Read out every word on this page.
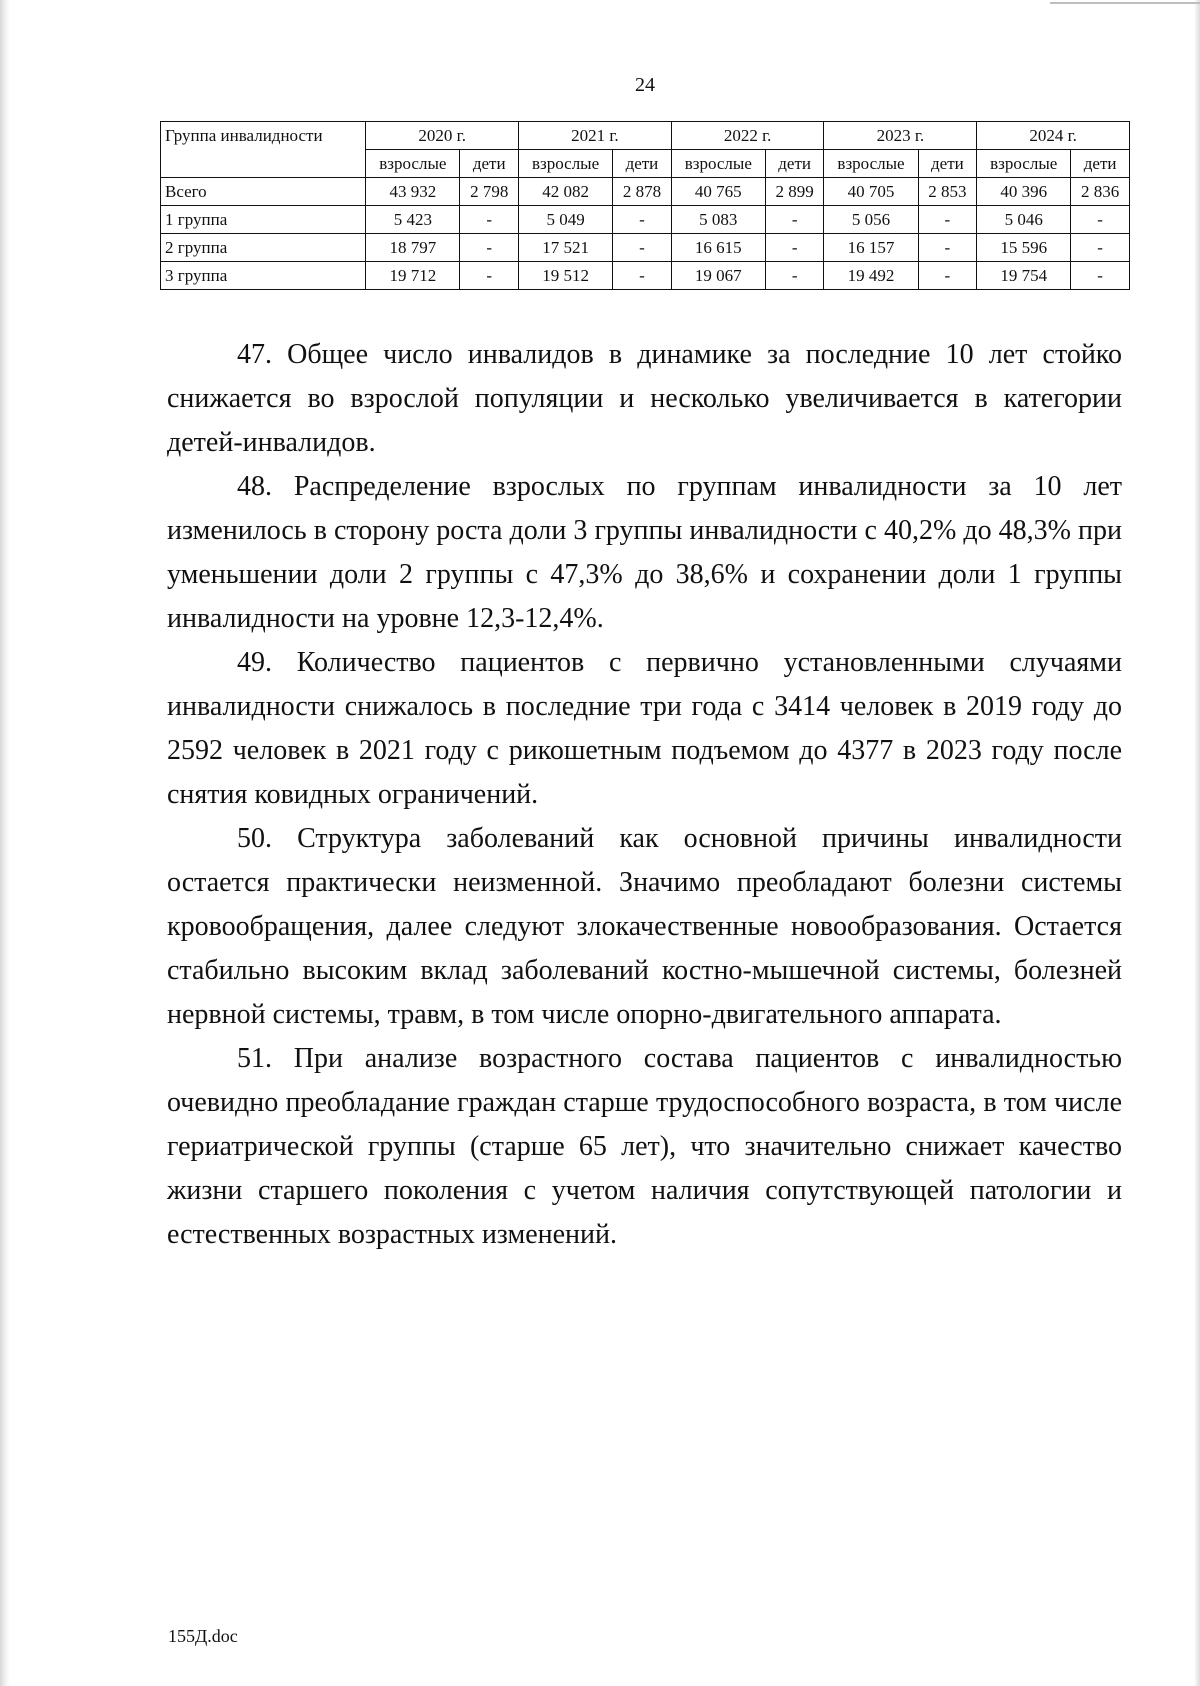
24
Группа инвалидности	2020 г.		2021 г.		2022 г.		2023 г.		2024 г.	
	взрослые	дети	взрослые	дети	взрослые	дети	взрослые	дети	взрослые	дети
Всего	43 932	2 798	42 082	2 878	40 765	2 899	40 705	2 853	40 396	2 836
1 группа	5 423	-	5 049	-	5 083	-	5 056	-	5 046	-
2 группа	18 797	-	17 521	-	16 615	-	16 157	-	15 596	-
3 группа	19 712	-	19 512	-	19 067	-	19 492	-	19 754	-

47. Общее число инвалидов в динамике за последние 10 лет стойко снижается во взрослой популяции и несколько увеличивается в категории детей-инвалидов.

48. Распределение взрослых по группам инвалидности за 10 лет изменилось в сторону роста доли 3 группы инвалидности с 40,2% до 48,3% при уменьшении доли 2 группы с 47,3% до 38,6% и сохранении доли 1 группы инвалидности на уровне 12,3-12,4%.

49. Количество пациентов с первично установленными случаями инвалидности снижалось в последние три года с 3414 человек в 2019 году до 2592 человек в 2021 году с рикошетным подъемом до 4377 в 2023 году после снятия ковидных ограничений.

50. Структура заболеваний как основной причины инвалидности остается практически неизменной. Значимо преобладают болезни системы кровообращения, далее следуют злокачественные новообразования. Остается стабильно высоким вклад заболеваний костно-мышечной системы, болезней нервной системы, травм, в том числе опорно-двигательного аппарата.

51. При анализе возрастного состава пациентов с инвалидностью очевидно преобладание граждан старше трудоспособного возраста, в том числе гериатрической группы (старше 65 лет), что значительно снижает качество жизни старшего поколения с учетом наличия сопутствующей патологии и естественных возрастных изменений.

155Д.doc
